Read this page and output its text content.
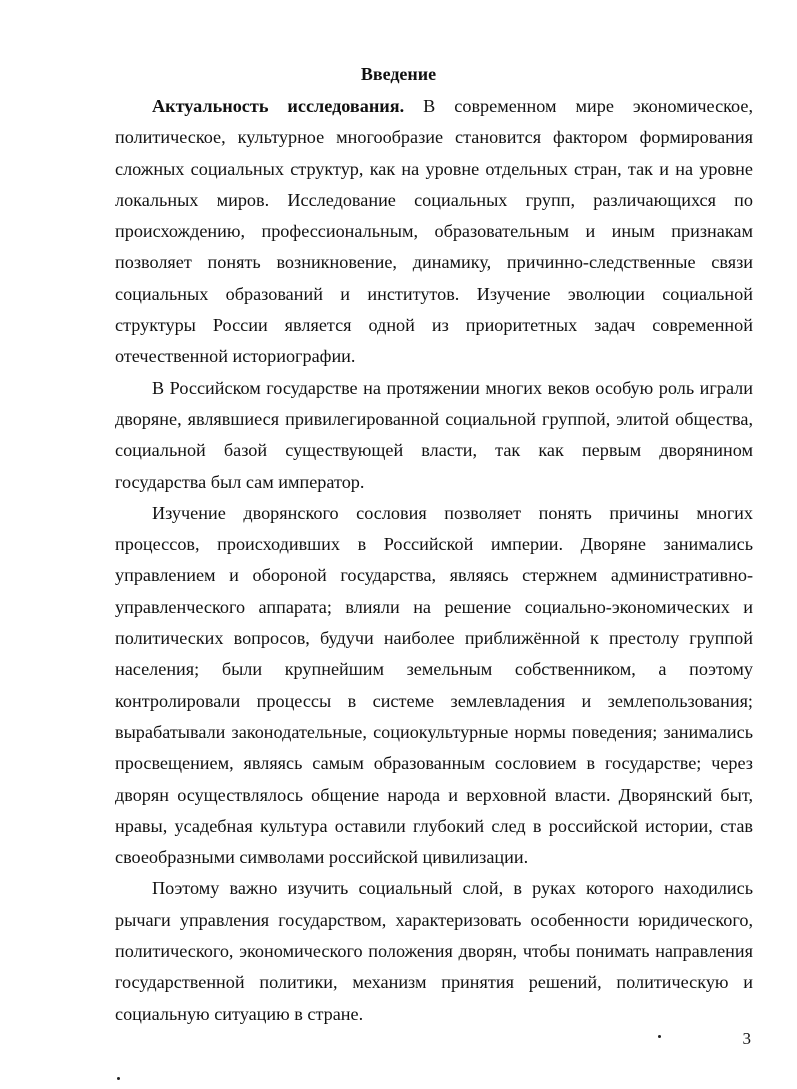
Введение

Актуальность исследования. В современном мире экономическое, политическое, культурное многообразие становится фактором формирования сложных социальных структур, как на уровне отдельных стран, так и на уровне локальных миров. Исследование социальных групп, различающихся по происхождению, профессиональным, образовательным и иным признакам позволяет понять возникновение, динамику, причинно-следственные связи социальных образований и институтов. Изучение эволюции социальной структуры России является одной из приоритетных задач современной отечественной историографии.

В Российском государстве на протяжении многих веков особую роль играли дворяне, являвшиеся привилегированной социальной группой, элитой общества, социальной базой существующей власти, так как первым дворянином государства был сам император.

Изучение дворянского сословия позволяет понять причины многих процессов, происходивших в Российской империи. Дворяне занимались управлением и обороной государства, являясь стержнем административно-управленческого аппарата; влияли на решение социально-экономических и политических вопросов, будучи наиболее приближённой к престолу группой населения; были крупнейшим земельным собственником, а поэтому контролировали процессы в системе землевладения и землепользования; вырабатывали законодательные, социокультурные нормы поведения; занимались просвещением, являясь самым образованным сословием в государстве; через дворян осуществлялось общение народа и верховной власти. Дворянский быт, нравы, усадебная культура оставили глубокий след в российской истории, став своеобразными символами российской цивилизации.

Поэтому важно изучить социальный слой, в руках которого находились рычаги управления государством, характеризовать особенности юридического, политического, экономического положения дворян, чтобы понимать направления государственной политики, механизм принятия решений, политическую и социальную ситуацию в стране.

3
